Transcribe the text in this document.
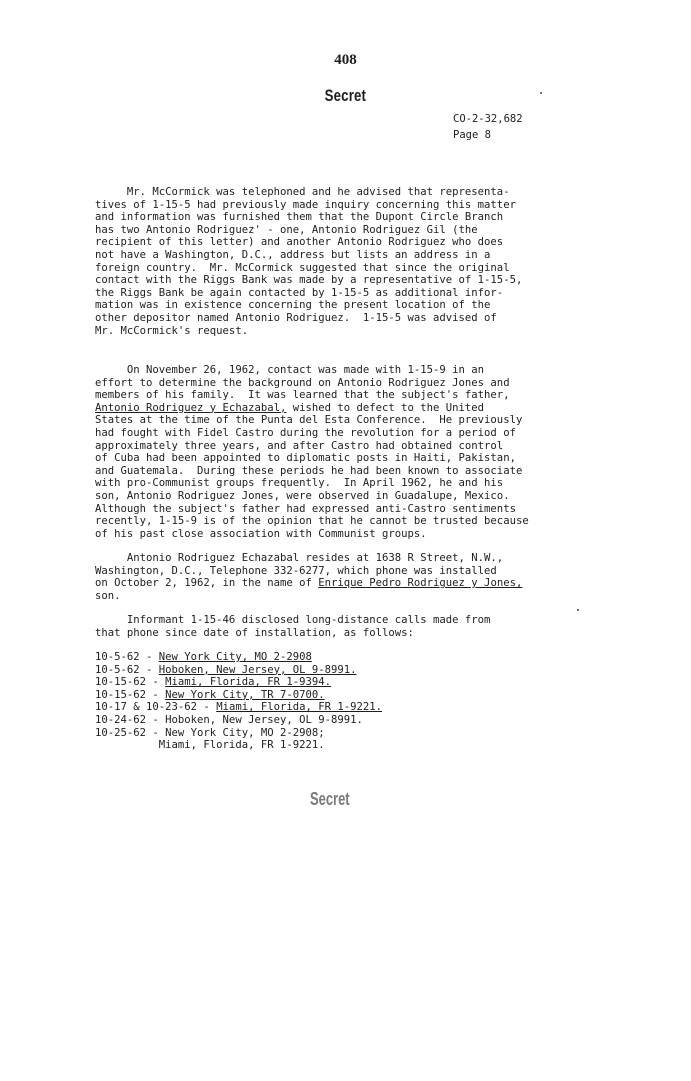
408
Secret
CO-2-32,682
Page 8
Mr. McCormick was telephoned and he advised that representa-
tives of 1-15-5 had previously made inquiry concerning this matter
and information was furnished them that the Dupont Circle Branch
has two Antonio Rodriguez' - one, Antonio Rodriguez Gil (the
recipient of this letter) and another Antonio Rodriguez who does
not have a Washington, D.C., address but lists an address in a
foreign country.  Mr. McCormick suggested that since the original
contact with the Riggs Bank was made by a representative of 1-15-5,
the Riggs Bank be again contacted by 1-15-5 as additional infor-
mation was in existence concerning the present location of the
other depositor named Antonio Rodriguez.  1-15-5 was advised of
Mr. McCormick's request.
On November 26, 1962, contact was made with 1-15-9 in an
effort to determine the background on Antonio Rodriguez Jones and
members of his family.  It was learned that the subject's father,
Antonio Rodriguez y Echazabal, wished to defect to the United
States at the time of the Punta del Esta Conference.  He previously
had fought with Fidel Castro during the revolution for a period of
approximately three years, and after Castro had obtained control
of Cuba had been appointed to diplomatic posts in Haiti, Pakistan,
and Guatemala.  During these periods he had been known to associate
with pro-Communist groups frequently.  In April 1962, he and his
son, Antonio Rodriguez Jones, were observed in Guadalupe, Mexico.
Although the subject's father had expressed anti-Castro sentiments
recently, 1-15-9 is of the opinion that he cannot be trusted because
of his past close association with Communist groups.
Antonio Rodriguez Echazabal resides at 1638 R Street, N.W.,
Washington, D.C., Telephone 332-6277, which phone was installed
on October 2, 1962, in the name of Enrique Pedro Rodriguez y Jones,
son.
Informant 1-15-46 disclosed long-distance calls made from
that phone since date of installation, as follows:
10-5-62 - New York City, MO 2-2908
10-5-62 - Hoboken, New Jersey, OL 9-8991.
10-15-62 - Miami, Florida, FR 1-9394.
10-15-62 - New York City, TR 7-0700.
10-17 & 10-23-62 - Miami, Florida, FR 1-9221.
10-24-62 - Hoboken, New Jersey, OL 9-8991.
10-25-62 - New York City, MO 2-2908;
Miami, Florida, FR 1-9221.
Secret
